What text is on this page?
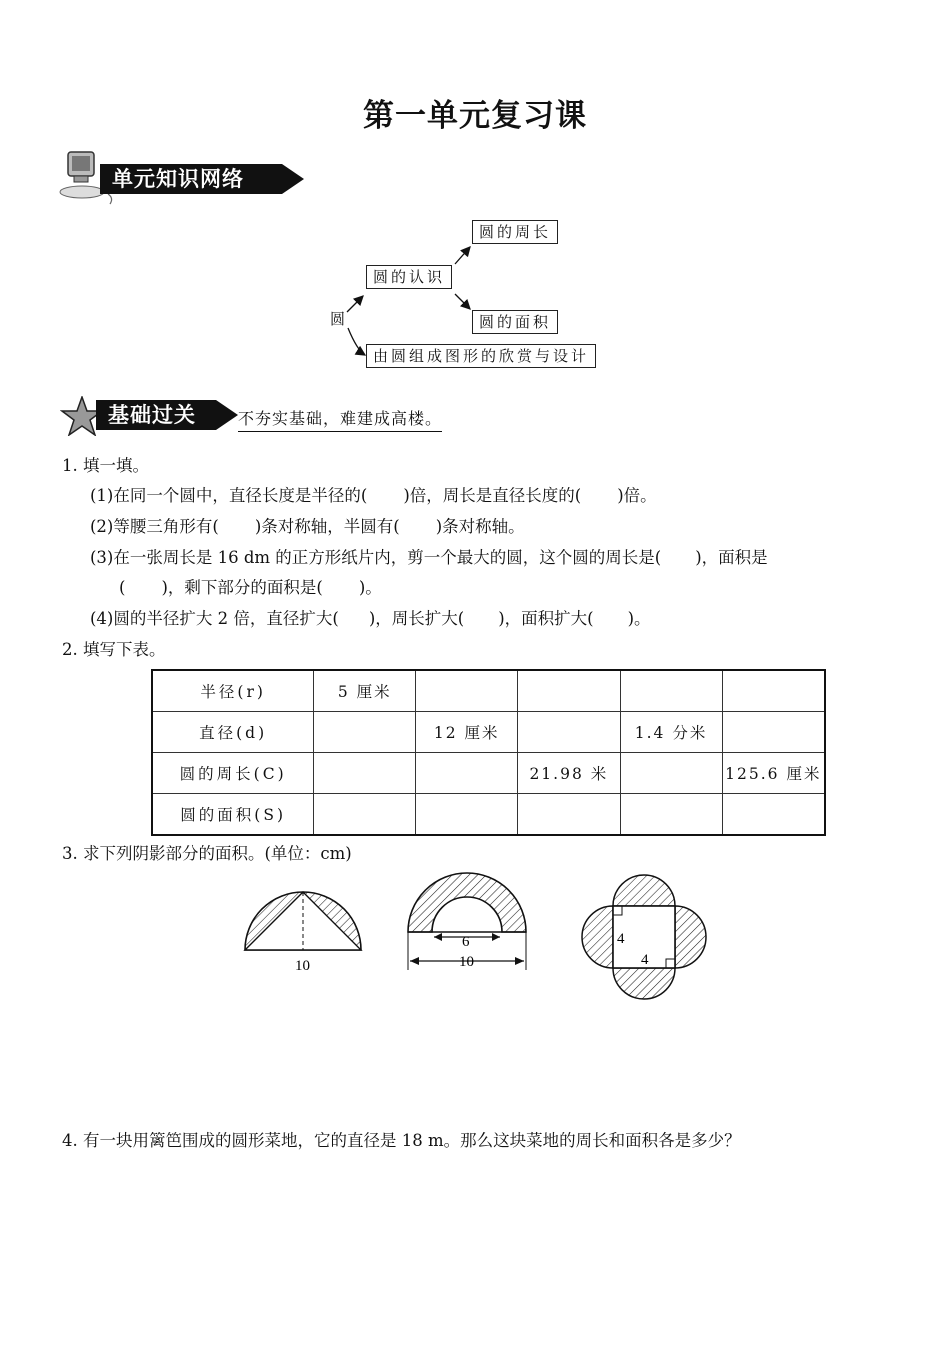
第一单元复习课
单元知识网络
圆
圆的认识
圆的周长
圆的面积
由圆组成图形的欣赏与设计
基础过关	不夯实基础，难建成高楼。
1. 填一填。
(1)在同一个圆中，直径长度是半径的( )倍，周长是直径长度的( )倍。
(2)等腰三角形有( )条对称轴，半圆有( )条对称轴。
(3)在一张周长是 16 dm 的正方形纸片内，剪一个最大的圆，这个圆的周长是( )，面积是
( )，剩下部分的面积是( )。
(4)圆的半径扩大 2 倍，直径扩大( )，周长扩大( )，面积扩大( )。
2. 填写下表。
半径(r)	5 厘米				
直径(d)		12 厘米		1.4 分米	
圆的周长(C)			21.98 米		125.6 厘米
圆的面积(S)					
3. 求下列阴影部分的面积。(单位：cm)
10
6
10
4
4
4. 有一块用篱笆围成的圆形菜地，它的直径是 18 m。那么这块菜地的周长和面积各是多少？
